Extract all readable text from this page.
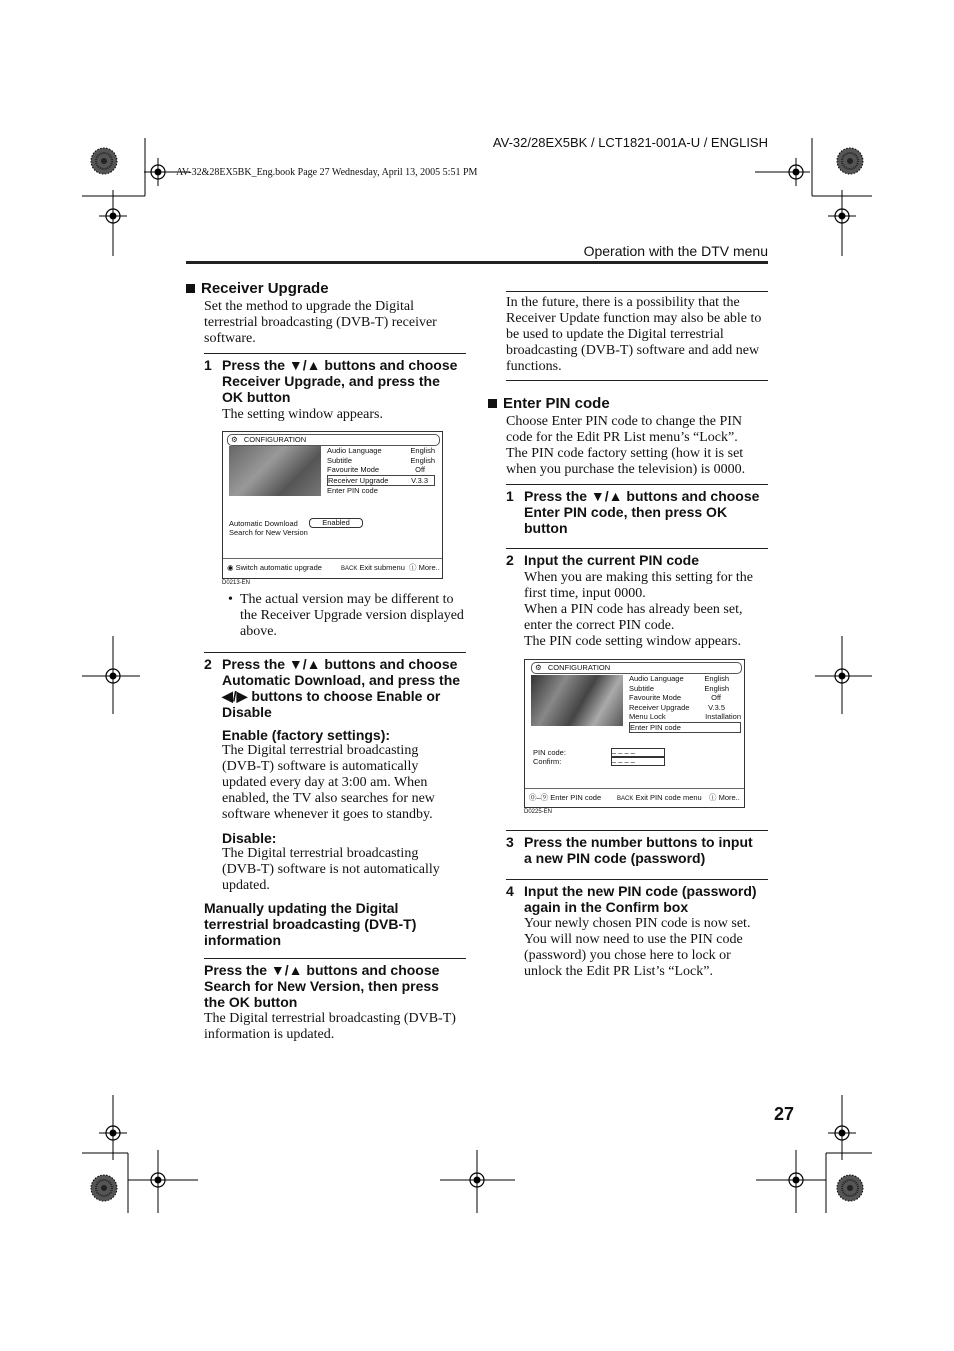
AV-32/28EX5BK / LCT1821-001A-U / ENGLISH
AV-32&28EX5BK_Eng.book Page 27 Wednesday, April 13, 2005 5:51 PM
Operation with the DTV menu
Receiver Upgrade

Set the method to upgrade the Digital terrestrial broadcasting (DVB-T) receiver software.

1 Press the ▼/▲ buttons and choose Receiver Upgrade, and press the OK button

The setting window appears.

⚙ CONFIGURATION
Audio Language	English
Subtitle	English
Favourite Mode	Off
Receiver Upgrade	V.3.3
Enter PIN code
Automatic Download	Enabled
Search for New Version
◉ Switch automatic upgrade	BACK Exit submenu ⓘ More..
D0213-EN
• The actual version may be different to the Receiver Upgrade version displayed above.

2 Press the ▼/▲ buttons and choose Automatic Download, and press the ◀/▶ buttons to choose Enable or Disable

Enable (factory settings):

The Digital terrestrial broadcasting (DVB-T) software is automatically updated every day at 3:00 am. When enabled, the TV also searches for new software whenever it goes to standby.

Disable:

The Digital terrestrial broadcasting (DVB-T) software is not automatically updated.

Manually updating the Digital terrestrial broadcasting (DVB-T) information

Press the ▼/▲ buttons and choose Search for New Version, then press the OK button

The Digital terrestrial broadcasting (DVB-T) information is updated.

In the future, there is a possibility that the Receiver Update function may also be able to be used to update the Digital terrestrial broadcasting (DVB-T) software and add new functions.

Enter PIN code

Choose Enter PIN code to change the PIN code for the Edit PR List menu’s “Lock”. The PIN code factory setting (how it is set when you purchase the television) is 0000.

1 Press the ▼/▲ buttons and choose Enter PIN code, then press OK button

2 Input the current PIN code

When you are making this setting for the first time, input 0000.

When a PIN code has already been set, enter the correct PIN code.

The PIN code setting window appears.

⚙ CONFIGURATION
Audio Language	English
Subtitle	English
Favourite Mode	Off
Receiver Upgrade V.3.5
Menu Lock	Installation
Enter PIN code
PIN code:	– – – –
Confirm:	– – – –
⓪–⑨ Enter PIN code	BACK Exit PIN code menu ⓘ More..
D0225-EN
3 Press the number buttons to input a new PIN code (password)

4 Input the new PIN code (password) again in the Confirm box

Your newly chosen PIN code is now set. You will now need to use the PIN code (password) you chose here to lock or unlock the Edit PR List’s “Lock”.

27
